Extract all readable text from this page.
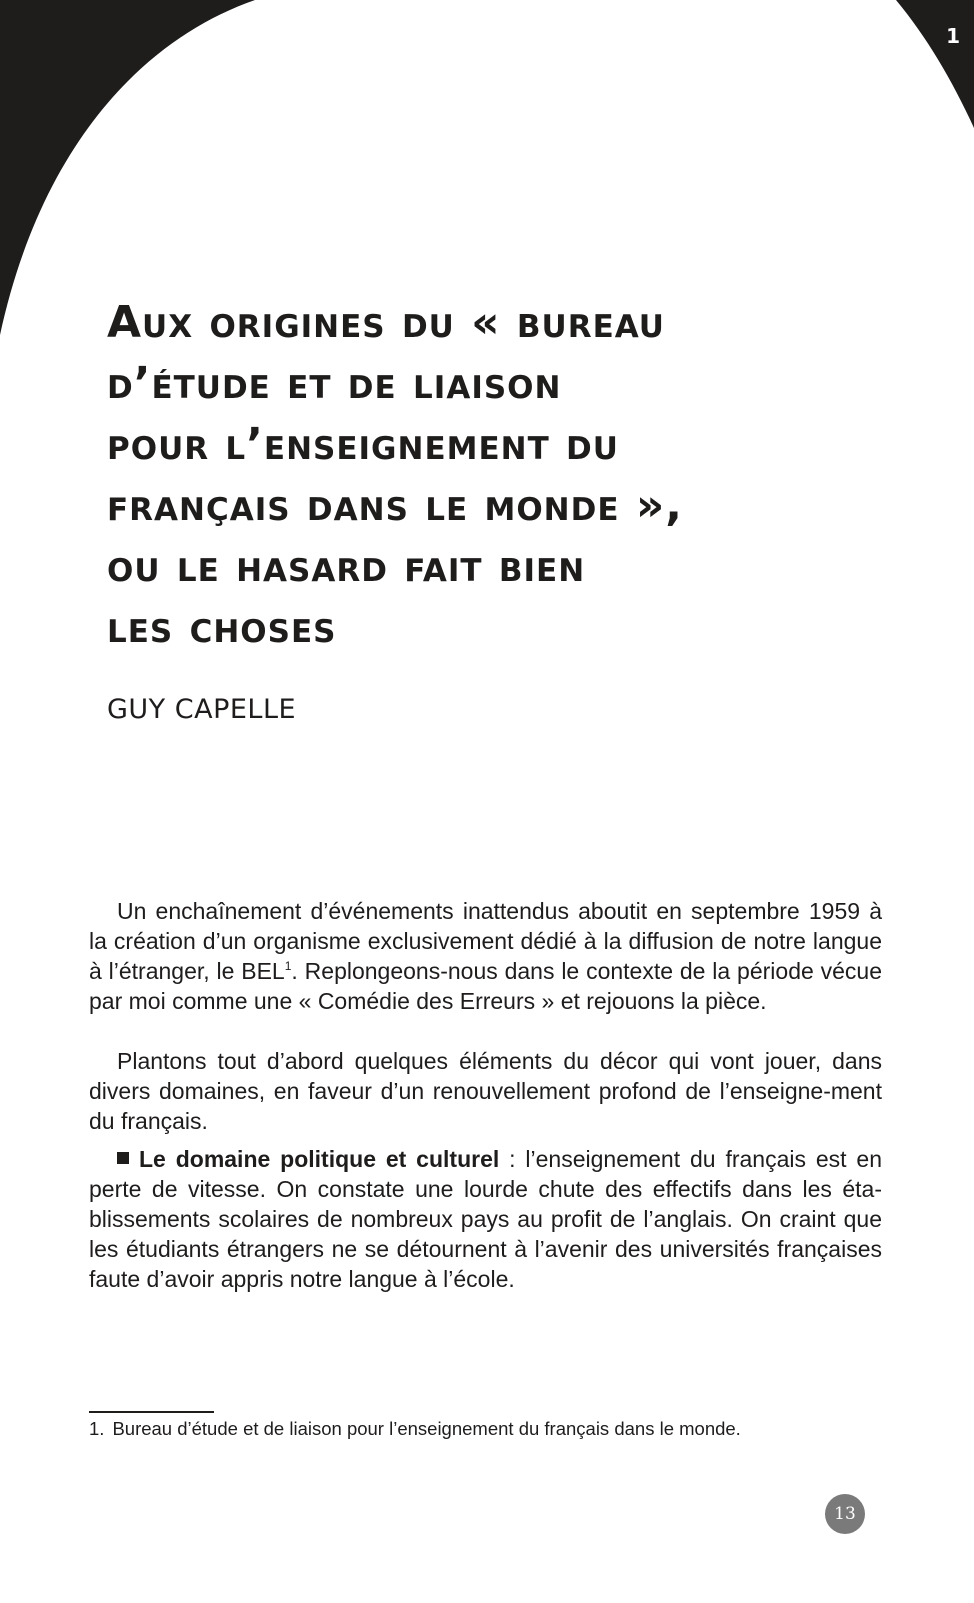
1
Aux origines du « bureau
d’étude et de liaison
pour l’enseignement du
français dans le monde »,
ou le hasard fait bien
les choses

GUY CAPELLE

Un enchaînement d’événements inattendus aboutit en septembre 1959 à la création d’un organisme exclusivement dédié à la diffusion de notre langue à l’étranger, le BEL$^1$. Replongeons-nous dans le contexte de la période vécue par moi comme une « Comédie des Erreurs » et rejouons la pièce.

Plantons tout d’abord quelques éléments du décor qui vont jouer, dans divers domaines, en faveur d’un renouvellement profond de l’enseigne-ment du français.

Le domaine politique et culturel : l’enseignement du français est en perte de vitesse. On constate une lourde chute des effectifs dans les éta-blissements scolaires de nombreux pays au profit de l’anglais. On craint que les étudiants étrangers ne se détournent à l’avenir des universités françaises faute d’avoir appris notre langue à l’école.

1. Bureau d’étude et de liaison pour l’enseignement du français dans le monde.

13
